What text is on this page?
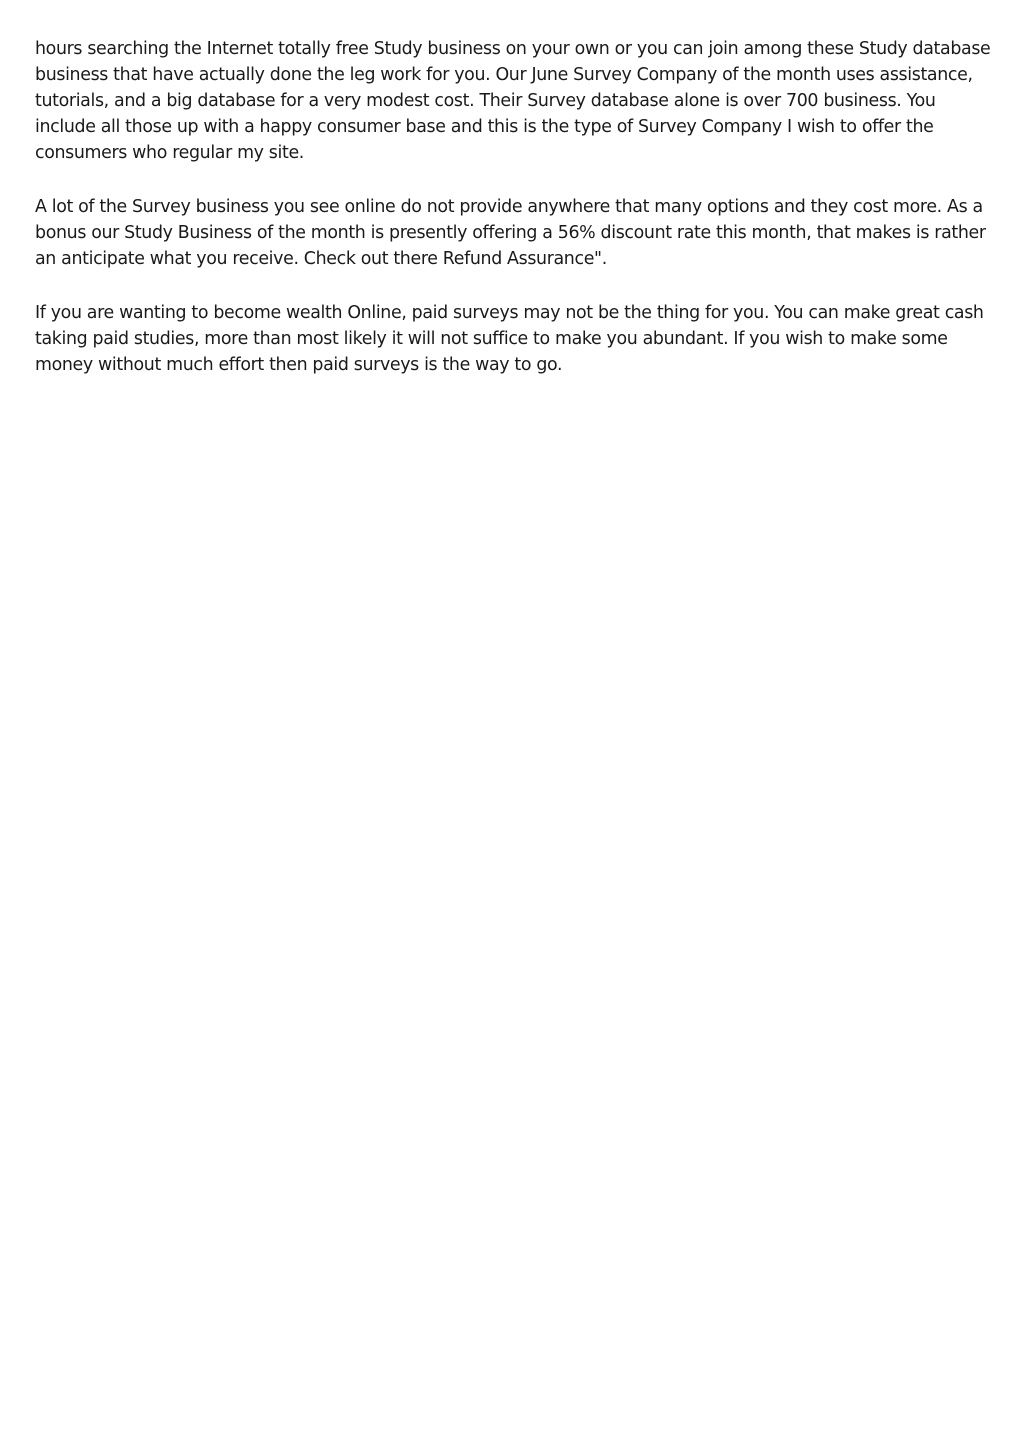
hours searching the Internet totally free Study business on your own or you can join among these Study database business that have actually done the leg work for you. Our June Survey Company of the month uses assistance, tutorials, and a big database for a very modest cost. Their Survey database alone is over 700 business. You include all those up with a happy consumer base and this is the type of Survey Company I wish to offer the consumers who regular my site.

A lot of the Survey business you see online do not provide anywhere that many options and they cost more. As a bonus our Study Business of the month is presently offering a 56% discount rate this month, that makes is rather an anticipate what you receive. Check out there Refund Assurance".

If you are wanting to become wealth Online, paid surveys may not be the thing for you. You can make great cash taking paid studies, more than most likely it will not suffice to make you abundant. If you wish to make some money without much effort then paid surveys is the way to go.
